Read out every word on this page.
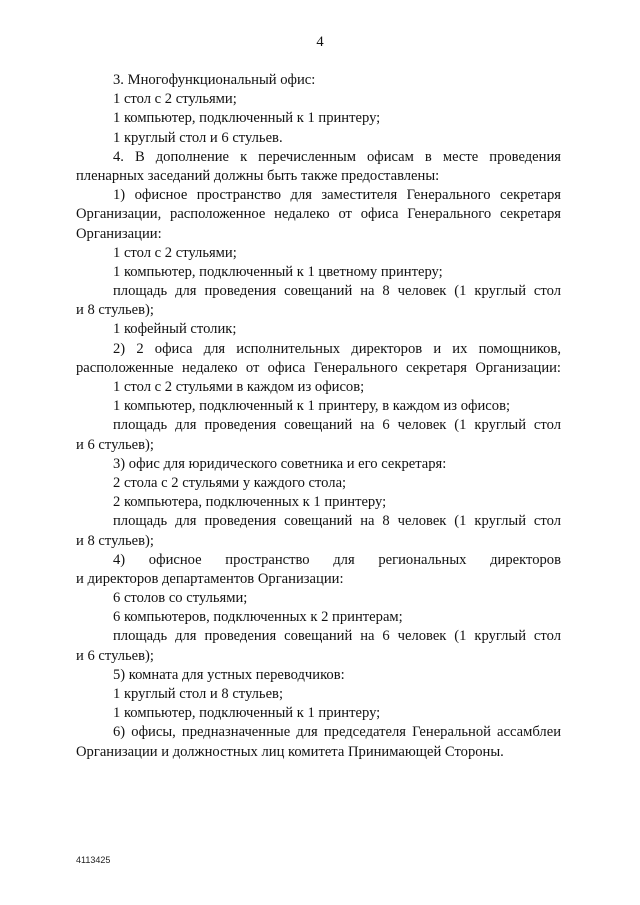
4
3. Многофункциональный офис:
1 стол с 2 стульями;
1 компьютер, подключенный к 1 принтеру;
1 круглый стол и 6 стульев.
4. В дополнение к перечисленным офисам в месте проведения
пленарных заседаний должны быть также предоставлены:
1) офисное пространство для заместителя Генерального секретаря
Организации, расположенное недалеко от офиса Генерального секретаря
Организации:
1 стол с 2 стульями;
1 компьютер, подключенный к 1 цветному принтеру;
площадь для проведения совещаний на 8 человек (1 круглый стол
и 8 стульев);
1 кофейный столик;
2) 2 офиса для исполнительных директоров и их помощников,
расположенные недалеко от офиса Генерального секретаря Организации:
1 стол с 2 стульями в каждом из офисов;
1 компьютер, подключенный к 1 принтеру, в каждом из офисов;
площадь для проведения совещаний на 6 человек (1 круглый стол
и 6 стульев);
3) офис для юридического советника и его секретаря:
2 стола с 2 стульями у каждого стола;
2 компьютера, подключенных к 1 принтеру;
площадь для проведения совещаний на 8 человек (1 круглый стол
и 8 стульев);
4) офисное пространство для региональных директоров
и директоров департаментов Организации:
6 столов со стульями;
6 компьютеров, подключенных к 2 принтерам;
площадь для проведения совещаний на 6 человек (1 круглый стол
и 6 стульев);
5) комната для устных переводчиков:
1 круглый стол и 8 стульев;
1 компьютер, подключенный к 1 принтеру;
6) офисы, предназначенные для председателя Генеральной ассамблеи
Организации и должностных лиц комитета Принимающей Стороны.
4113425
